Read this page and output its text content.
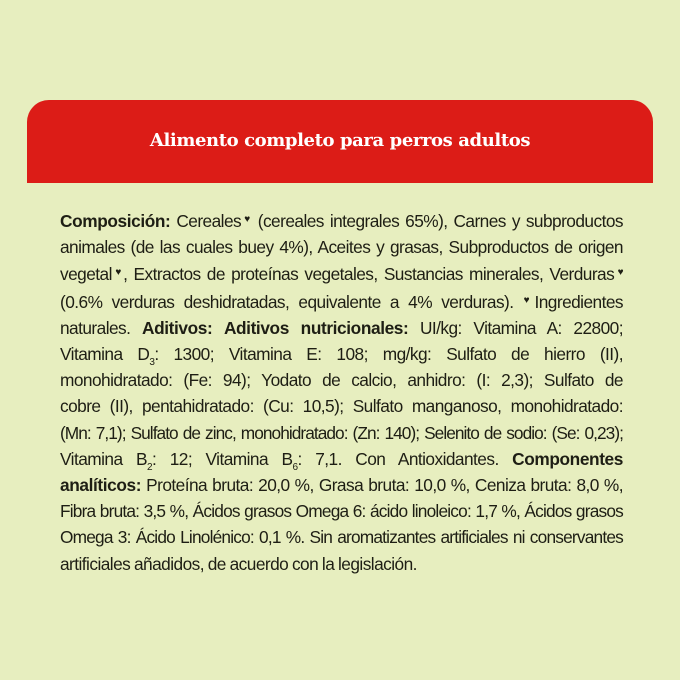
Alimento completo para perros adultos
Composición: Cereales♥ (cereales integrales 65%), Carnes y subproductos
animales (de las cuales buey 4%), Aceites y grasas, Subproductos de origen
vegetal♥, Extractos de proteínas vegetales, Sustancias minerales, Verduras♥
(0.6% verduras deshidratadas, equivalente a 4% verduras). ♥Ingredientes
naturales. Aditivos: Aditivos nutricionales: UI/kg: Vitamina A: 22800;
Vitamina $D_3$: 1300; Vitamina E: 108; mg/kg: Sulfato de hierro (II),
monohidratado: (Fe: 94); Yodato de calcio, anhidro: (I: 2,3); Sulfato de
cobre (II), pentahidratado: (Cu: 10,5); Sulfato manganoso, monohidratado:
(Mn: 7,1); Sulfato de zinc, monohidratado: (Zn: 140); Selenito de sodio: (Se: 0,23);
Vitamina $B_2$: 12; Vitamina $B_6$: 7,1. Con Antioxidantes. Componentes
analíticos: Proteína bruta: 20,0 %, Grasa bruta: 10,0 %, Ceniza bruta: 8,0 %,
Fibra bruta: 3,5 %, Ácidos grasos Omega 6: ácido linoleico: 1,7 %, Ácidos grasos
Omega 3: Ácido Linolénico: 0,1 %. Sin aromatizantes artificiales ni conservantes
artificiales añadidos, de acuerdo con la legislación.
